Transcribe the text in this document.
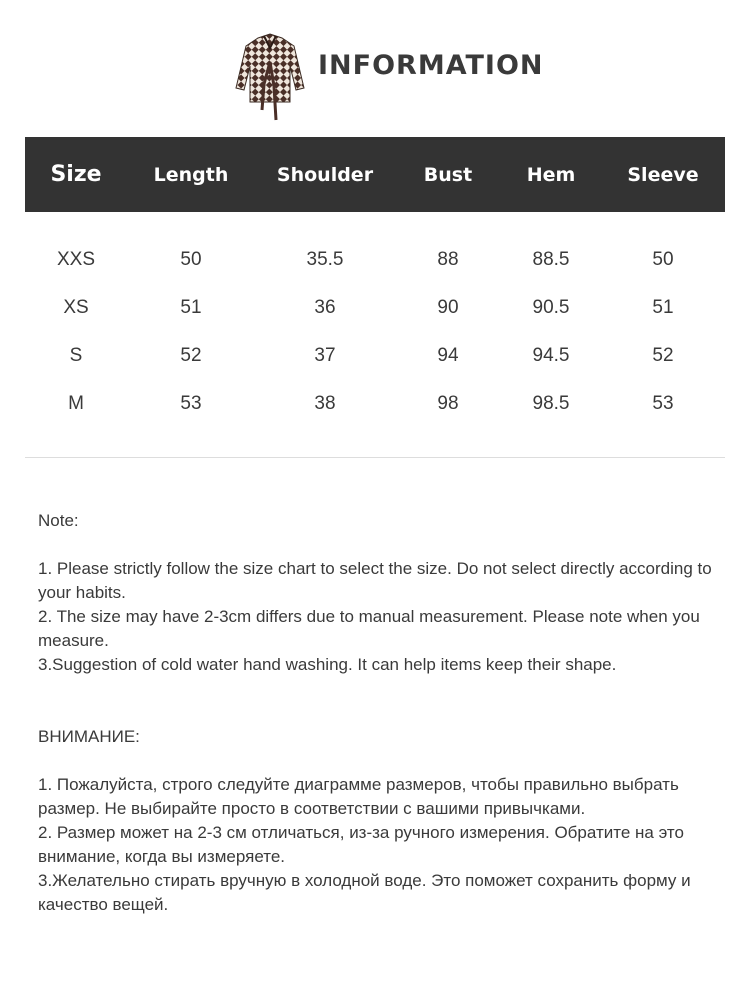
INFORMATION
Size	Length	Shoulder	Bust	Hem	Sleeve
XXS	50	35.5	88	88.5	50
XS	51	36	90	90.5	51
S	52	37	94	94.5	52
M	53	38	98	98.5	53

Note:

1. Please strictly follow the size chart to select the size. Do not select directly according to your habits.

2. The size may have 2-3cm differs due to manual measurement. Please note when you measure.

3.Suggestion of cold water hand washing. It can help items keep their shape.

ВНИМАНИЕ:

1. Пожалуйста, строго следуйте диаграмме размеров, чтобы правильно выбрать размер. Не выбирайте просто в соответствии с вашими привычками.

2. Размер может на 2-3 см отличаться, из-за ручного измерения. Обратите на это внимание, когда вы измеряете.

3.Желательно стирать вручную в холодной воде. Это поможет сохранить форму и качество вещей.
